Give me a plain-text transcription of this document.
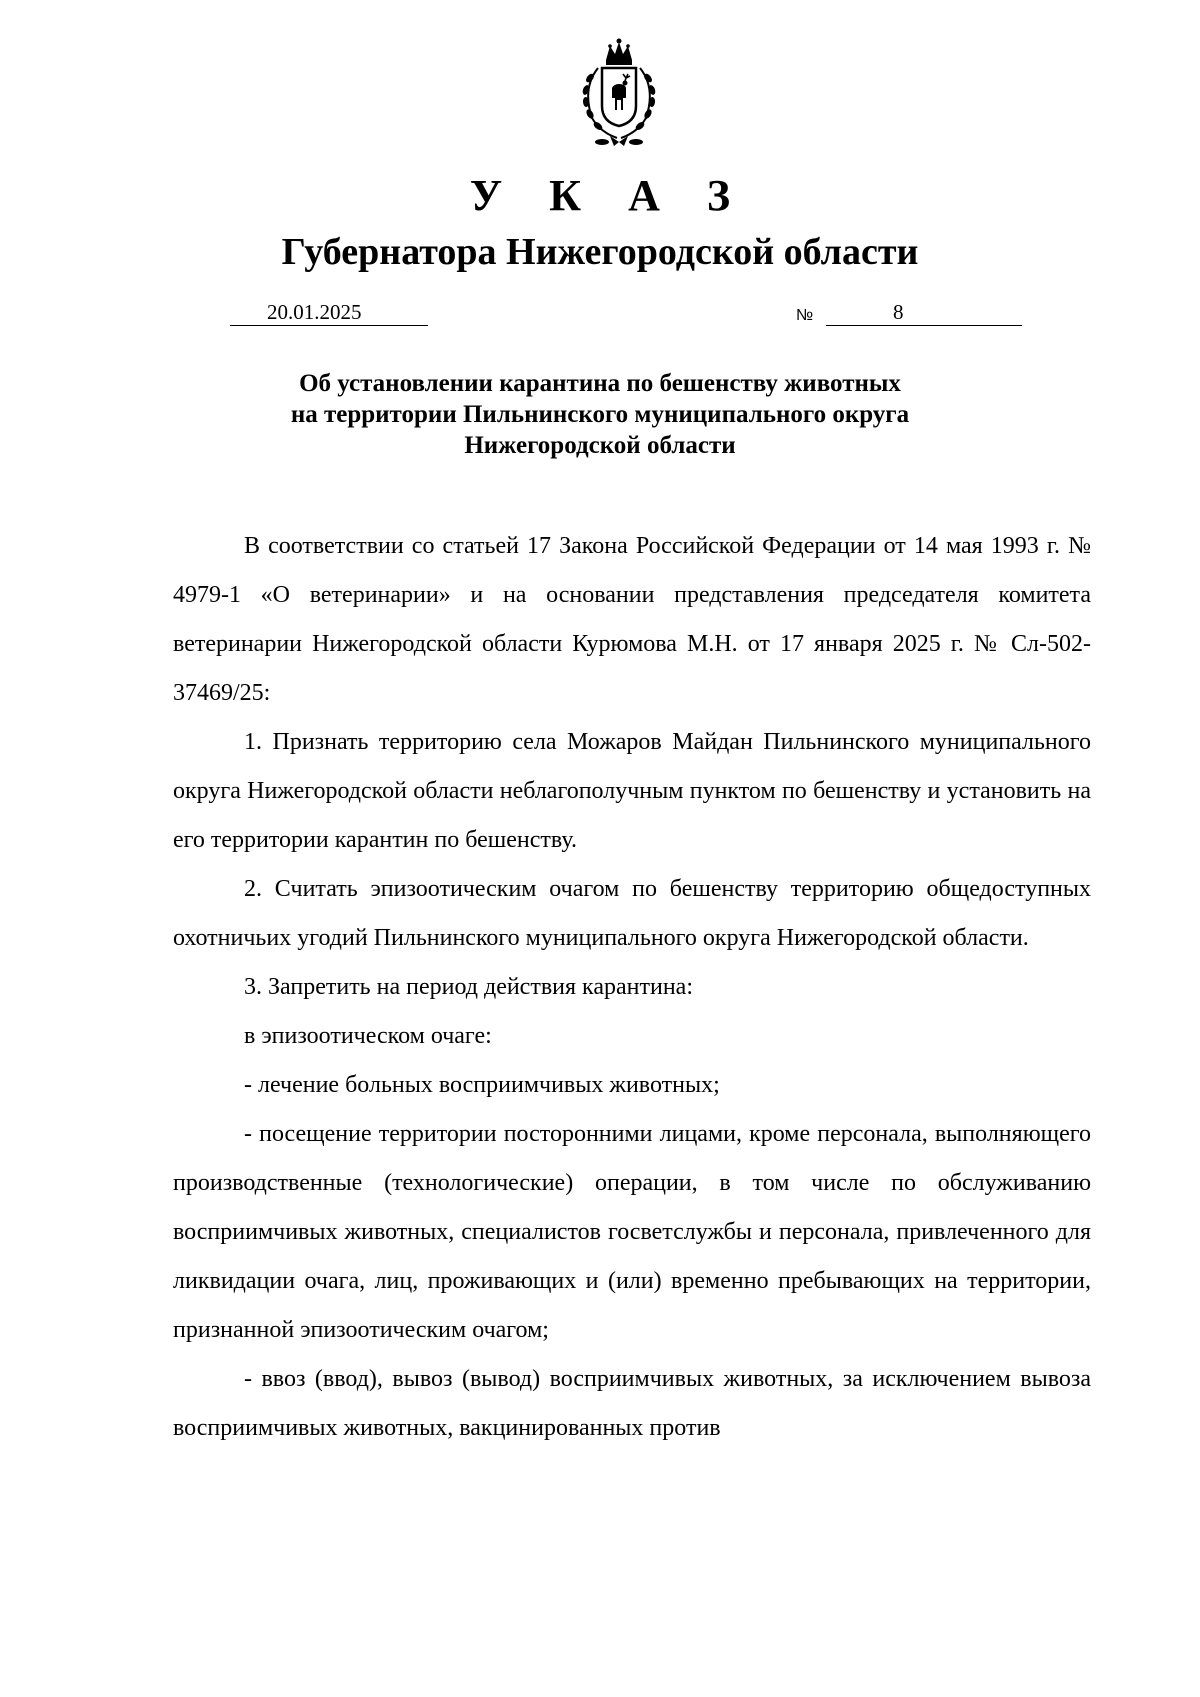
У К А З
Губернатора Нижегородской области
20.01.2025	№	8
Об установлении карантина по бешенству животных
на территории Пильнинского муниципального округа
Нижегородской области

В соответствии со статьей 17 Закона Российской Федерации от 14 мая 1993 г. № 4979-1 «О ветеринарии» и на основании представления председателя комитета ветеринарии Нижегородской области Курюмова М.Н. от 17 января 2025 г. № Сл-502-37469/25:

1. Признать территорию села Можаров Майдан Пильнинского муниципального округа Нижегородской области неблагополучным пунктом по бешенству и установить на его территории карантин по бешенству.

2. Считать эпизоотическим очагом по бешенству территорию общедоступных охотничьих угодий Пильнинского муниципального округа Нижегородской области.

3. Запретить на период действия карантина:

в эпизоотическом очаге:

- лечение больных восприимчивых животных;

- посещение территории посторонними лицами, кроме персонала, выполняющего производственные (технологические) операции, в том числе по обслуживанию восприимчивых животных, специалистов госветслужбы и персонала, привлеченного для ликвидации очага, лиц, проживающих и (или) временно пребывающих на территории, признанной эпизоотическим очагом;

- ввоз (ввод), вывоз (вывод) восприимчивых животных, за исключением вывоза восприимчивых животных, вакцинированных против
